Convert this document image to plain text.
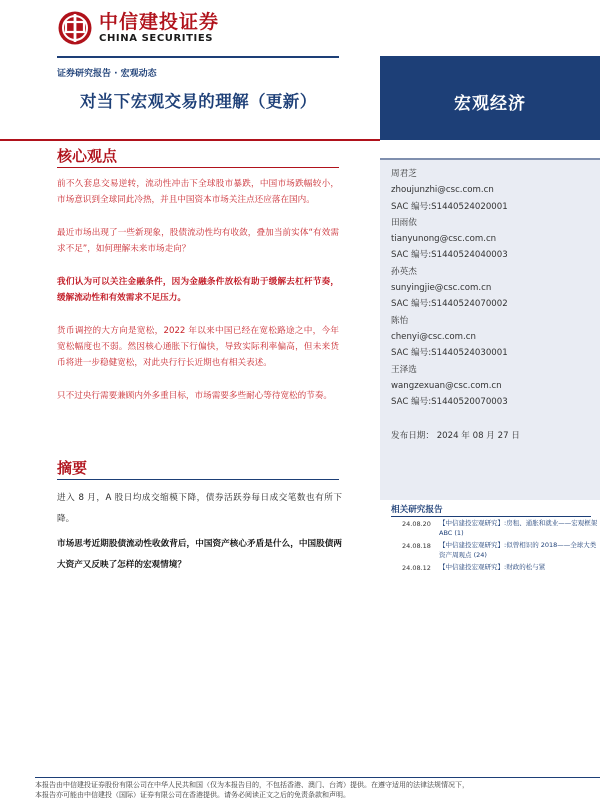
中信建投证券
CHINA SECURITIES
证券研究报告 · 宏观动态
对当下宏观交易的理解（更新）	宏观经济
核心观点

前不久套息交易逆转，流动性冲击下全球股市暴跌，中国市场跌幅较小，市场意识到全球同此冷热，并且中国资本市场关注点还应落在国内。

最近市场出现了一些新现象，股债流动性均有收敛，叠加当前实体“有效需求不足”，如何理解未来市场走向？

我们认为可以关注金融条件，因为金融条件放松有助于缓解去杠杆节奏，缓解流动性和有效需求不足压力。

货币调控的大方向是宽松，2022 年以来中国已经在宽松路途之中，今年宽松幅度也不弱。然因核心通胀下行偏快，导致实际利率偏高，但未来货币将进一步稳健宽松，对此央行行长近期也有相关表述。

只不过央行需要兼顾内外多重目标，市场需要多些耐心等待宽松的节奏。

周君芝
zhoujunzhi@csc.com.cn
SAC 编号:S1440524020001
田雨依
tianyunong@csc.com.cn
SAC 编号:S1440524040003
孙英杰
sunyingjie@csc.com.cn
SAC 编号:S1440524070002
陈怡
chenyi@csc.com.cn
SAC 编号:S1440524030001
王泽选
wangzexuan@csc.com.cn
SAC 编号:S1440520070003
发布日期： 2024 年 08 月 27 日
摘要

进入 8 月，A 股日均成交缩模下降，债券活跃券每日成交笔数也有所下降。

市场思考近期股债流动性收敛背后，中国资产核心矛盾是什么，中国股债两大资产又反映了怎样的宏观情境？

相关研究报告
24.08.20	【中信建投宏观研究】:房租、通胀和就业——宏观框架 ABC (1)
24.08.18	【中信建投宏观研究】:似曾相识的 2018——全球大类资产周观点 (24)
24.08.12	【中信建投宏观研究】:财政的松与紧
本报告由中信建投证券股份有限公司在中华人民共和国（仅为本报告目的，不包括香港、澳门、台湾）提供。在遵守适用的法律法规情况下，
本报告亦可能由中信建投（国际）证券有限公司在香港提供。请务必阅读正文之后的免责条款和声明。
